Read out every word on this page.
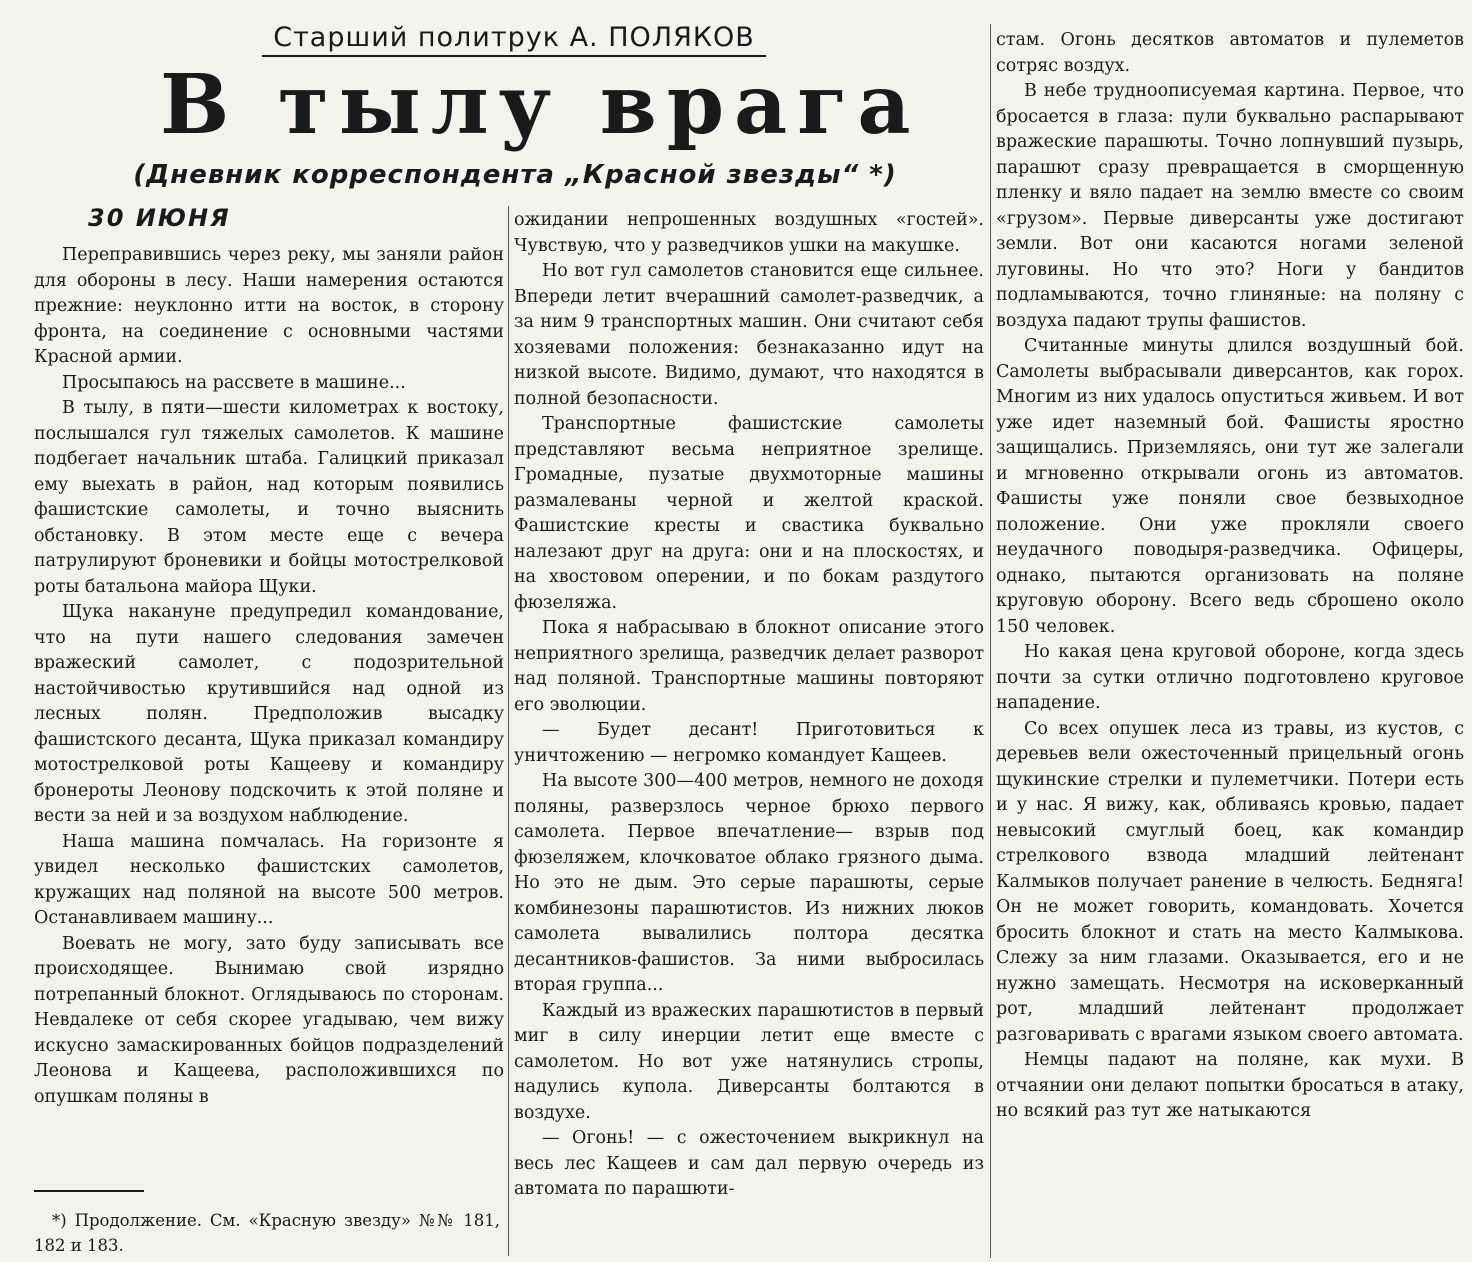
Старший политрук А. ПОЛЯКОВ
В тылу врага
(Дневник корреспондента „Красной звезды“ *)
30 ИЮНЯ

Переправившись через реку, мы заняли район для обороны в лесу. Наши намерения остаются прежние: неуклонно итти на восток, в сторону фронта, на соединение с основными частями Красной армии.

Просыпаюсь на рассвете в машине...

В тылу, в пяти—шести километрах к востоку, послышался гул тяжелых самолетов. К машине подбегает начальник штаба. Галицкий приказал ему выехать в район, над которым появились фашистские самолеты, и точно выяснить обстановку. В этом месте еще с вечера патрулируют броневики и бойцы мотострелковой роты батальона майора Щуки.

Щука накануне предупредил командование, что на пути нашего следования замечен вражеский самолет, с подозрительной настойчивостью крутившийся над одной из лесных полян. Предположив высадку фашистского десанта, Щука приказал командиру мотострелковой роты Кащееву и командиру бронероты Леонову подскочить к этой поляне и вести за ней и за воздухом наблюдение.

Наша машина помчалась. На горизонте я увидел несколько фашистских самолетов, кружащих над поляной на высоте 500 метров. Останавливаем машину...

Воевать не могу, зато буду записывать все происходящее. Вынимаю свой изрядно потрепанный блокнот. Оглядываюсь по сторонам. Невдалеке от себя скорее угадываю, чем вижу искусно замаскированных бойцов подразделений Леонова и Кащеева, расположившихся по опушкам поляны в

ожидании непрошенных воздушных «гостей». Чувствую, что у разведчиков ушки на макушке.

Но вот гул самолетов становится еще сильнее. Впереди летит вчерашний самолет-разведчик, а за ним 9 транспортных машин. Они считают себя хозяевами положения: безнаказанно идут на низкой высоте. Видимо, думают, что находятся в полной безопасности.

Транспортные фашистские самолеты представляют весьма неприятное зрелище. Громадные, пузатые двухмоторные машины размалеваны черной и желтой краской. Фашистские кресты и свастика буквально налезают друг на друга: они и на плоскостях, и на хвостовом оперении, и по бокам раздутого фюзеляжа.

Пока я набрасываю в блокнот описание этого неприятного зрелища, разведчик делает разворот над поляной. Транспортные машины повторяют его эволюции.

— Будет десант! Приготовиться к уничтожению — негромко командует Кащеев.

На высоте 300—400 метров, немного не доходя поляны, разверзлось черное брюхо первого самолета. Первое впечатление— взрыв под фюзеляжем, клочковатое облако грязного дыма. Но это не дым. Это серые парашюты, серые комбинезоны парашютистов. Из нижних люков самолета вывалились полтора десятка десантников-фашистов. За ними выбросилась вторая группа...

Каждый из вражеских парашютистов в первый миг в силу инерции летит еще вместе с самолетом. Но вот уже натянулись стропы, надулись купола. Диверсанты болтаются в воздухе.

— Огонь! — с ожесточением выкрикнул на весь лес Кащеев и сам дал первую очередь из автомата по парашюти-

стам. Огонь десятков автоматов и пулеметов сотряс воздух.

В небе трудноописуемая картина. Первое, что бросается в глаза: пули буквально распарывают вражеские парашюты. Точно лопнувший пузырь, парашют сразу превращается в сморщенную пленку и вяло падает на землю вместе со своим «грузом». Первые диверсанты уже достигают земли. Вот они касаются ногами зеленой луговины. Но что это? Ноги у бандитов подламываются, точно глиняные: на поляну с воздуха падают трупы фашистов.

Считанные минуты длился воздушный бой. Самолеты выбрасывали диверсантов, как горох. Многим из них удалось опуститься живьем. И вот уже идет наземный бой. Фашисты яростно защищались. Приземляясь, они тут же залегали и мгновенно открывали огонь из автоматов. Фашисты уже поняли свое безвыходное положение. Они уже прокляли своего неудачного поводыря-разведчика. Офицеры, однако, пытаются организовать на поляне круговую оборону. Всего ведь сброшено около 150 человек.

Но какая цена круговой обороне, когда здесь почти за сутки отлично подготовлено круговое нападение.

Со всех опушек леса из травы, из кустов, с деревьев вели ожесточенный прицельный огонь щукинские стрелки и пулеметчики. Потери есть и у нас. Я вижу, как, обливаясь кровью, падает невысокий смуглый боец, как командир стрелкового взвода младший лейтенант Калмыков получает ранение в челюсть. Бедняга! Он не может говорить, командовать. Хочется бросить блокнот и стать на место Калмыкова. Слежу за ним глазами. Оказывается, его и не нужно замещать. Несмотря на исковерканный рот, младший лейтенант продолжает разговаривать с врагами языком своего автомата.

Немцы падают на поляне, как мухи. В отчаянии они делают попытки бросаться в атаку, но всякий раз тут же натыкаются

*) Продолжение. См. «Красную звезду» №№ 181, 182 и 183.
